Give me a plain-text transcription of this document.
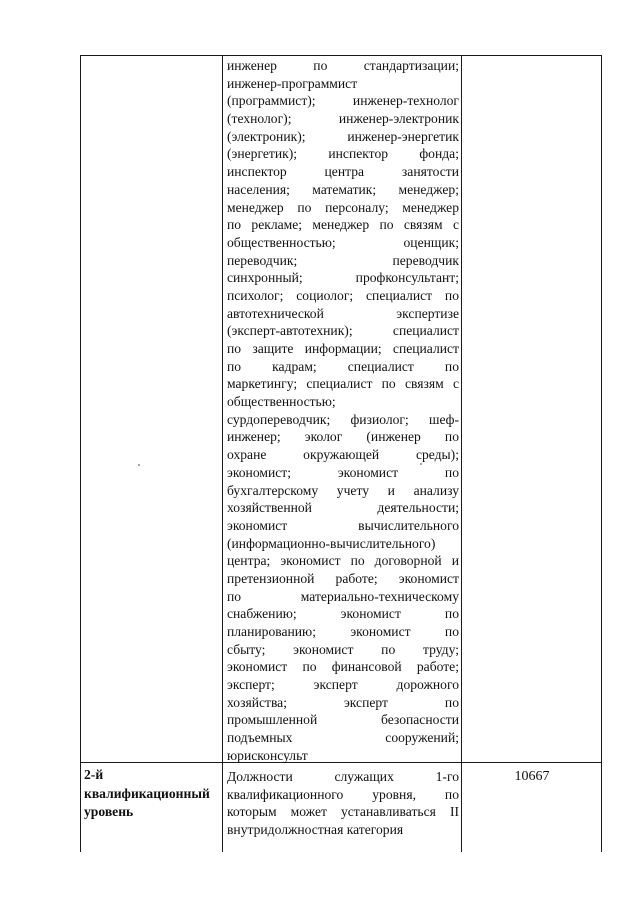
инженер по стандартизации;
инженер-программист
(программист); инженер-технолог
(технолог); инженер-электроник
(электроник); инженер-энергетик
(энергетик); инспектор фонда;
инспектор центра занятости
населения; математик; менеджер;
менеджер по персоналу; менеджер
по рекламе; менеджер по связям с
общественностью; оценщик;
переводчик; переводчик
синхронный; профконсультант;
психолог; социолог; специалист по
автотехнической экспертизе
(эксперт-автотехник); специалист
по защите информации; специалист
по кадрам; специалист по
маркетингу; специалист по связям с
общественностью;
сурдопереводчик; физиолог; шеф-
инженер; эколог (инженер по
охране окружающей среды);
экономист; экономист по
бухгалтерскому учету и анализу
хозяйственной деятельности;
экономист вычислительного
(информационно-вычислительного)
центра; экономист по договорной и
претензионной работе; экономист
по материально-техническому
снабжению; экономист по
планированию; экономист по
сбыту; экономист по труду;
экономист по финансовой работе;
эксперт; эксперт дорожного
хозяйства; эксперт по
промышленной безопасности
подъемных сооружений;
юрисконсульт
2-й квалификационный уровень
Должности служащих 1-го
квалификационного уровня, по
которым может устанавливаться II
внутридолжностная категория
10667
